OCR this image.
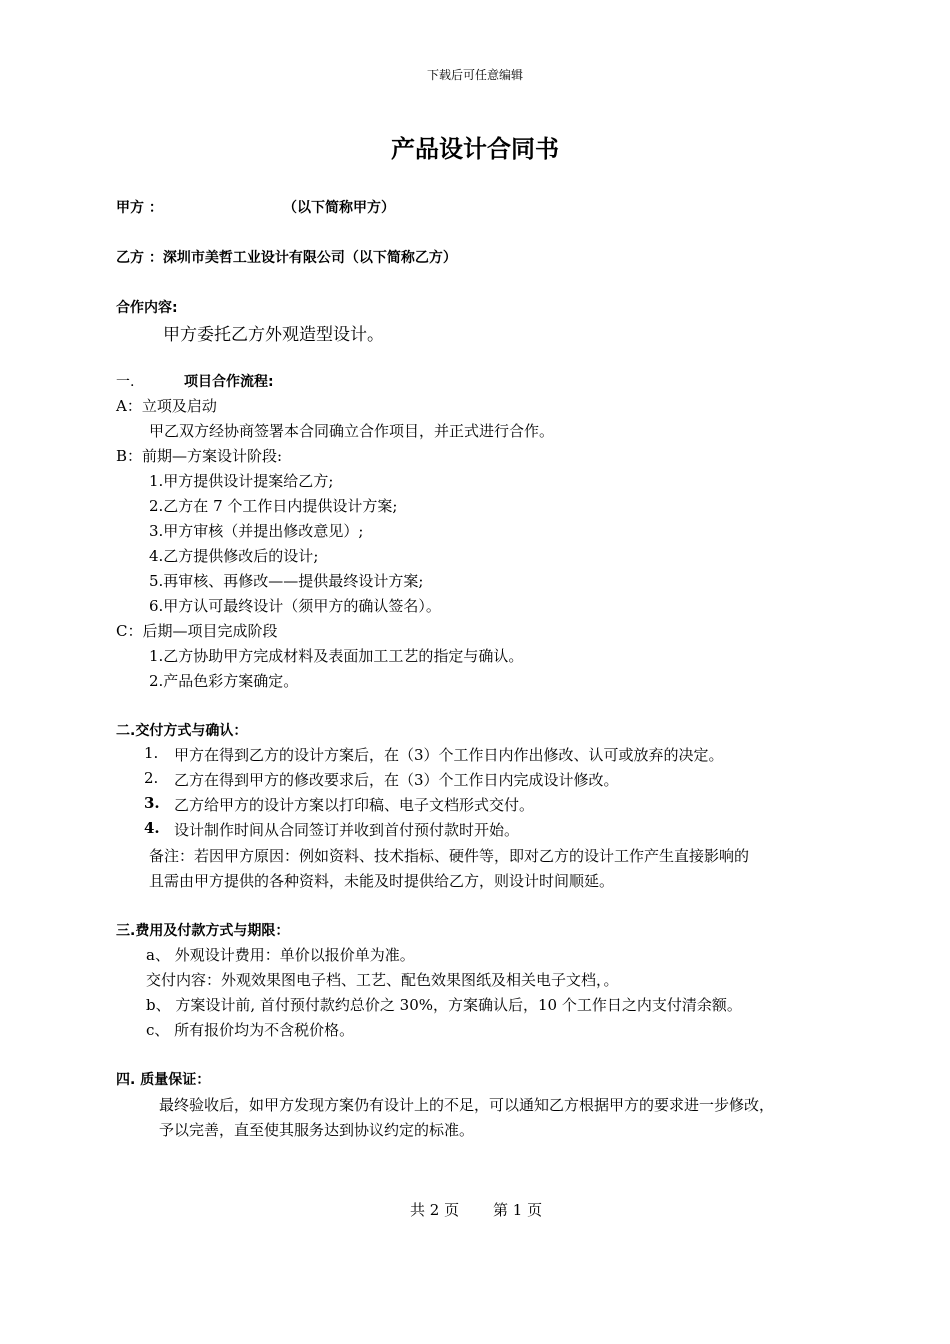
下载后可任意编辑
产品设计合同书
甲方 ：	（以下简称甲方）
乙方 ：深圳市美哲工业设计有限公司（以下简称乙方）
合作内容:
甲方委托乙方外观造型设计。
一.	项目合作流程:
A：立项及启动
甲乙双方经协商签署本合同确立合作项目，并正式进行合作。
B：前期—方案设计阶段:
1.甲方提供设计提案给乙方;
2.乙方在 7 个工作日内提供设计方案;
3.甲方审核（并提出修改意见）;
4.乙方提供修改后的设计;
5.再审核、再修改——提供最终设计方案;
6.甲方认可最终设计（须甲方的确认签名）。
C：后期—项目完成阶段
1.乙方协助甲方完成材料及表面加工工艺的指定与确认。
2.产品色彩方案确定。
二.交付方式与确认：
1. 甲方在得到乙方的设计方案后，在（3）个工作日内作出修改、认可或放弃的决定。
2. 乙方在得到甲方的修改要求后，在（3）个工作日内完成设计修改。
3. 乙方给甲方的设计方案以打印稿、电子文档形式交付。
4. 设计制作时间从合同签订并收到首付预付款时开始。
备注：若因甲方原因：例如资料、技术指标、硬件等，即对乙方的设计工作产生直接影响的
且需由甲方提供的各种资料，未能及时提供给乙方，则设计时间顺延。
三.费用及付款方式与期限：
a、 外观设计费用：单价以报价单为准。
交付内容：外观效果图电子档、工艺、配色效果图纸及相关电子文档，。
b、 方案设计前, 首付预付款约总价之 30%，方案确认后，10 个工作日之内支付清余额。
c、 所有报价均为不含税价格。
四. 质量保证：
最终验收后，如甲方发现方案仍有设计上的不足，可以通知乙方根据甲方的要求进一步修改，
予以完善，直至使其服务达到协议约定的标准。
共 2 页 第 1 页
